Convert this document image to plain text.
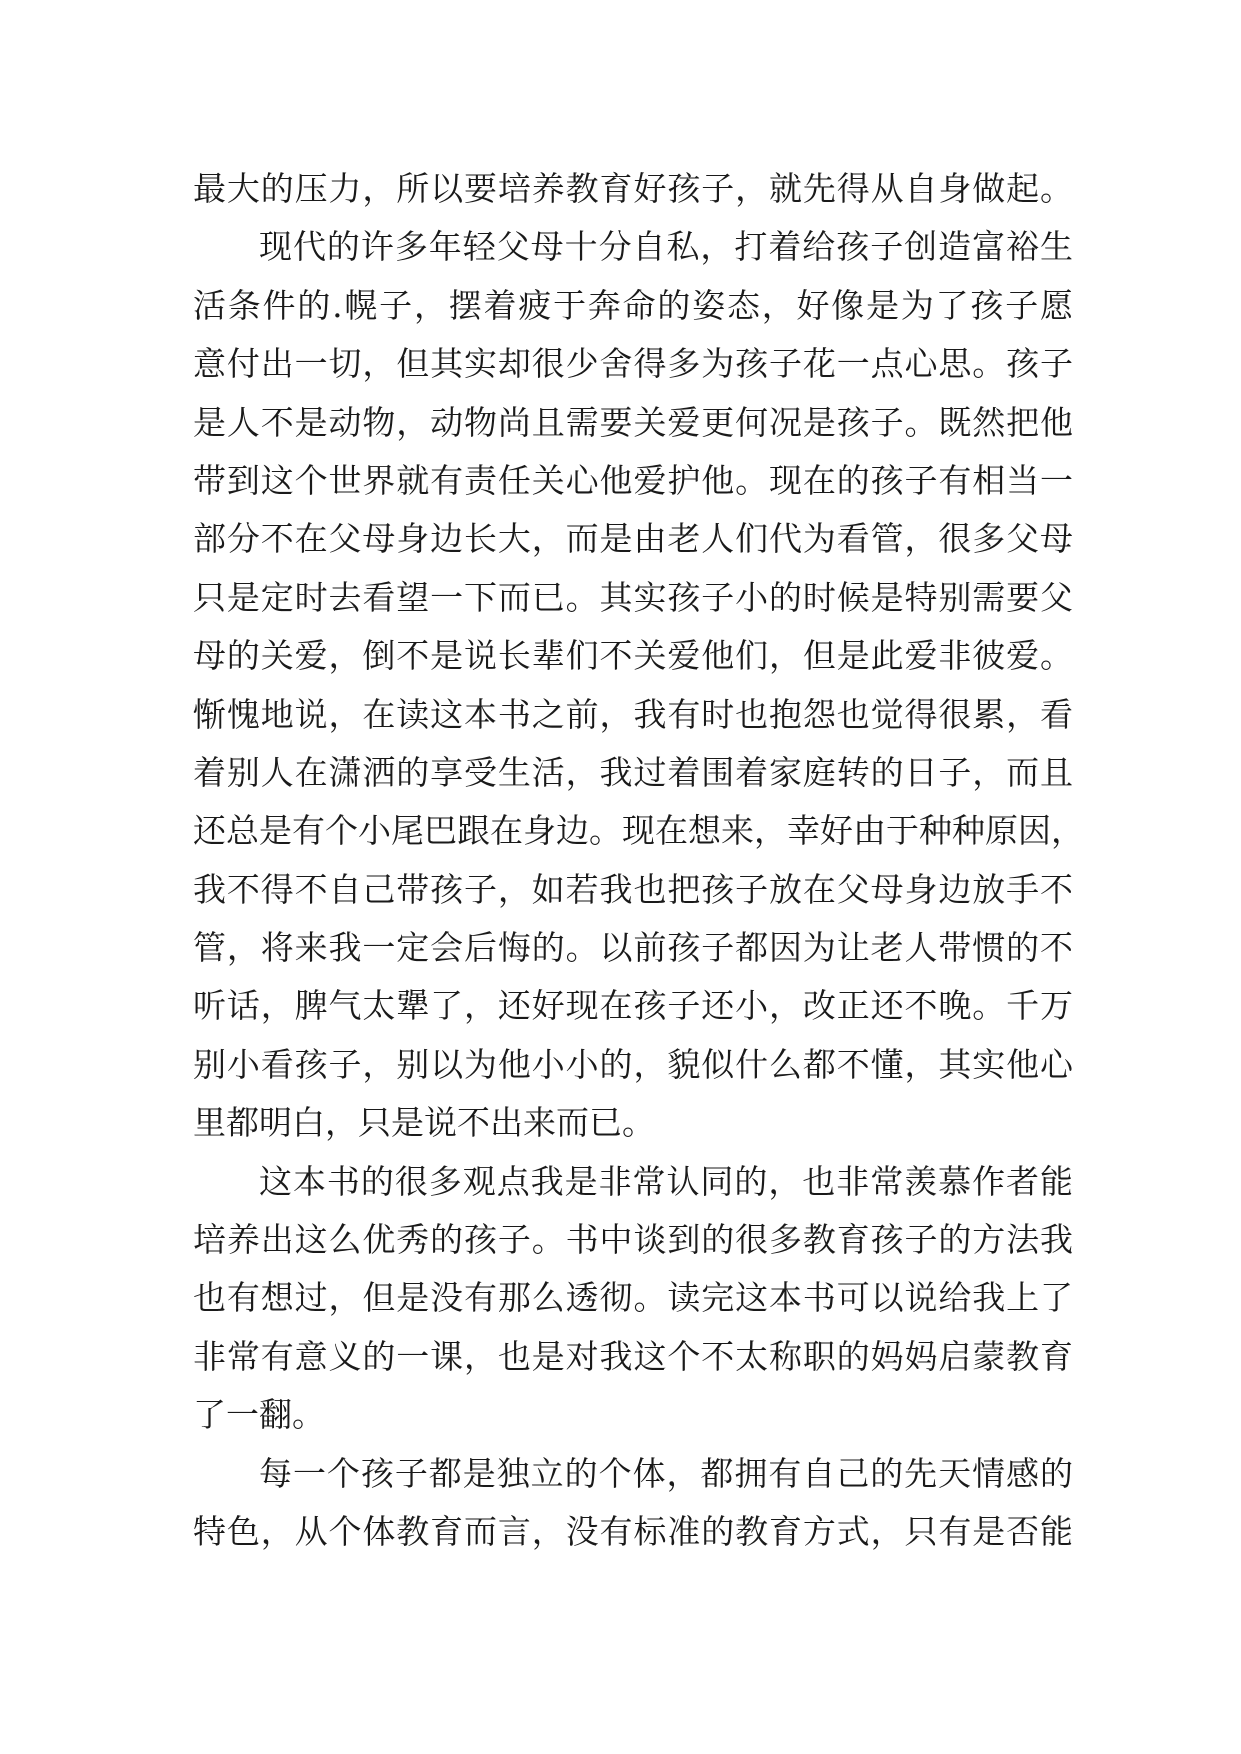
最大的压力，所以要培养教育好孩子，就先得从自身做起。
现代的许多年轻父母十分自私，打着给孩子创造富裕生
活条件的.幌子，摆着疲于奔命的姿态，好像是为了孩子愿
意付出一切，但其实却很少舍得多为孩子花一点心思。孩子
是人不是动物，动物尚且需要关爱更何况是孩子。既然把他
带到这个世界就有责任关心他爱护他。现在的孩子有相当一
部分不在父母身边长大，而是由老人们代为看管，很多父母
只是定时去看望一下而已。其实孩子小的时候是特别需要父
母的关爱，倒不是说长辈们不关爱他们，但是此爱非彼爱。
惭愧地说，在读这本书之前，我有时也抱怨也觉得很累，看
着别人在潇洒的享受生活，我过着围着家庭转的日子，而且
还总是有个小尾巴跟在身边。现在想来，幸好由于种种原因，
我不得不自己带孩子，如若我也把孩子放在父母身边放手不
管，将来我一定会后悔的。以前孩子都因为让老人带惯的不
听话，脾气太犟了，还好现在孩子还小，改正还不晚。千万
别小看孩子，别以为他小小的，貌似什么都不懂，其实他心
里都明白，只是说不出来而已。
这本书的很多观点我是非常认同的，也非常羡慕作者能
培养出这么优秀的孩子。书中谈到的很多教育孩子的方法我
也有想过，但是没有那么透彻。读完这本书可以说给我上了
非常有意义的一课，也是对我这个不太称职的妈妈启蒙教育
了一翻。
每一个孩子都是独立的个体，都拥有自己的先天情感的
特色，从个体教育而言，没有标准的教育方式，只有是否能
